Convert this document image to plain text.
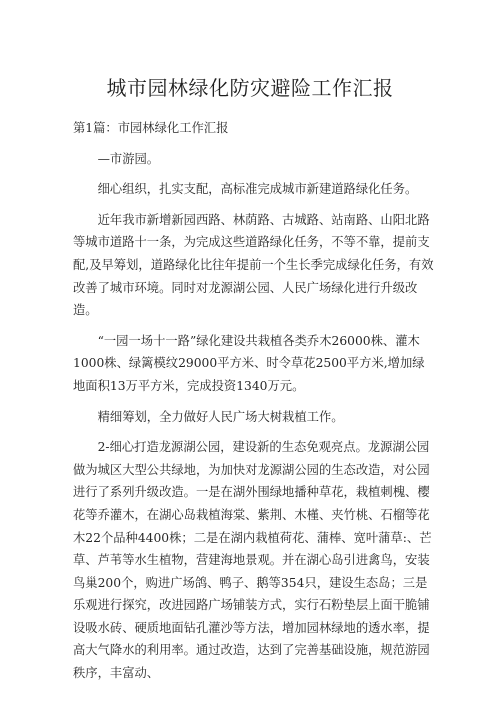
城市园林绿化防灾避险工作汇报

第1篇：市园林绿化工作汇报

—市游园。

细心组织，扎实支配，高标准完成城市新建道路绿化任务。

近年我市新增新园西路、林荫路、古城路、站南路、山阳北路等城市道路十一条，为完成这些道路绿化任务，不等不靠，提前支配,及早筹划，道路绿化比往年提前一个生长季完成绿化任务，有效改善了城市环境。同时对龙源湖公园、人民广场绿化进行升级改造。

“一园一场十一路”绿化建设共栽植各类乔木26000株、灌木1000株、绿篱模纹29000平方米、时令草花2500平方米,增加绿地面积13万平方米，完成投资1340万元。

精细筹划，全力做好人民广场大树栽植工作。

2-细心打造龙源湖公园，建设新的生态免观亮点。龙源湖公园做为城区大型公共绿地，为加快对龙源湖公园的生态改造，对公园进行了系列升级改造。一是在湖外围绿地播种草花，栽植刺槐、樱花等乔灌木，在湖心岛栽植海棠、紫荆、木槿、夹竹桃、石榴等花木22个品种4400株；二是在湖内栽植荷花、蒲棒、宽叶蒲草:、芒草、芦苇等水生植物，营建海地景观。并在湖心岛引进禽鸟，安装鸟巢200个，购进广场鸽、鸭子、鹅等354只，建设生态岛；三是乐观进行探究，改进园路广场铺装方式，实行石粉垫层上面干脆铺设吸水砖、硬质地面钻孔灌沙等方法，增加园林绿地的透水率，提高大气降水的利用率。通过改造，达到了完善基础设施，规范游园秩序，丰富动、
